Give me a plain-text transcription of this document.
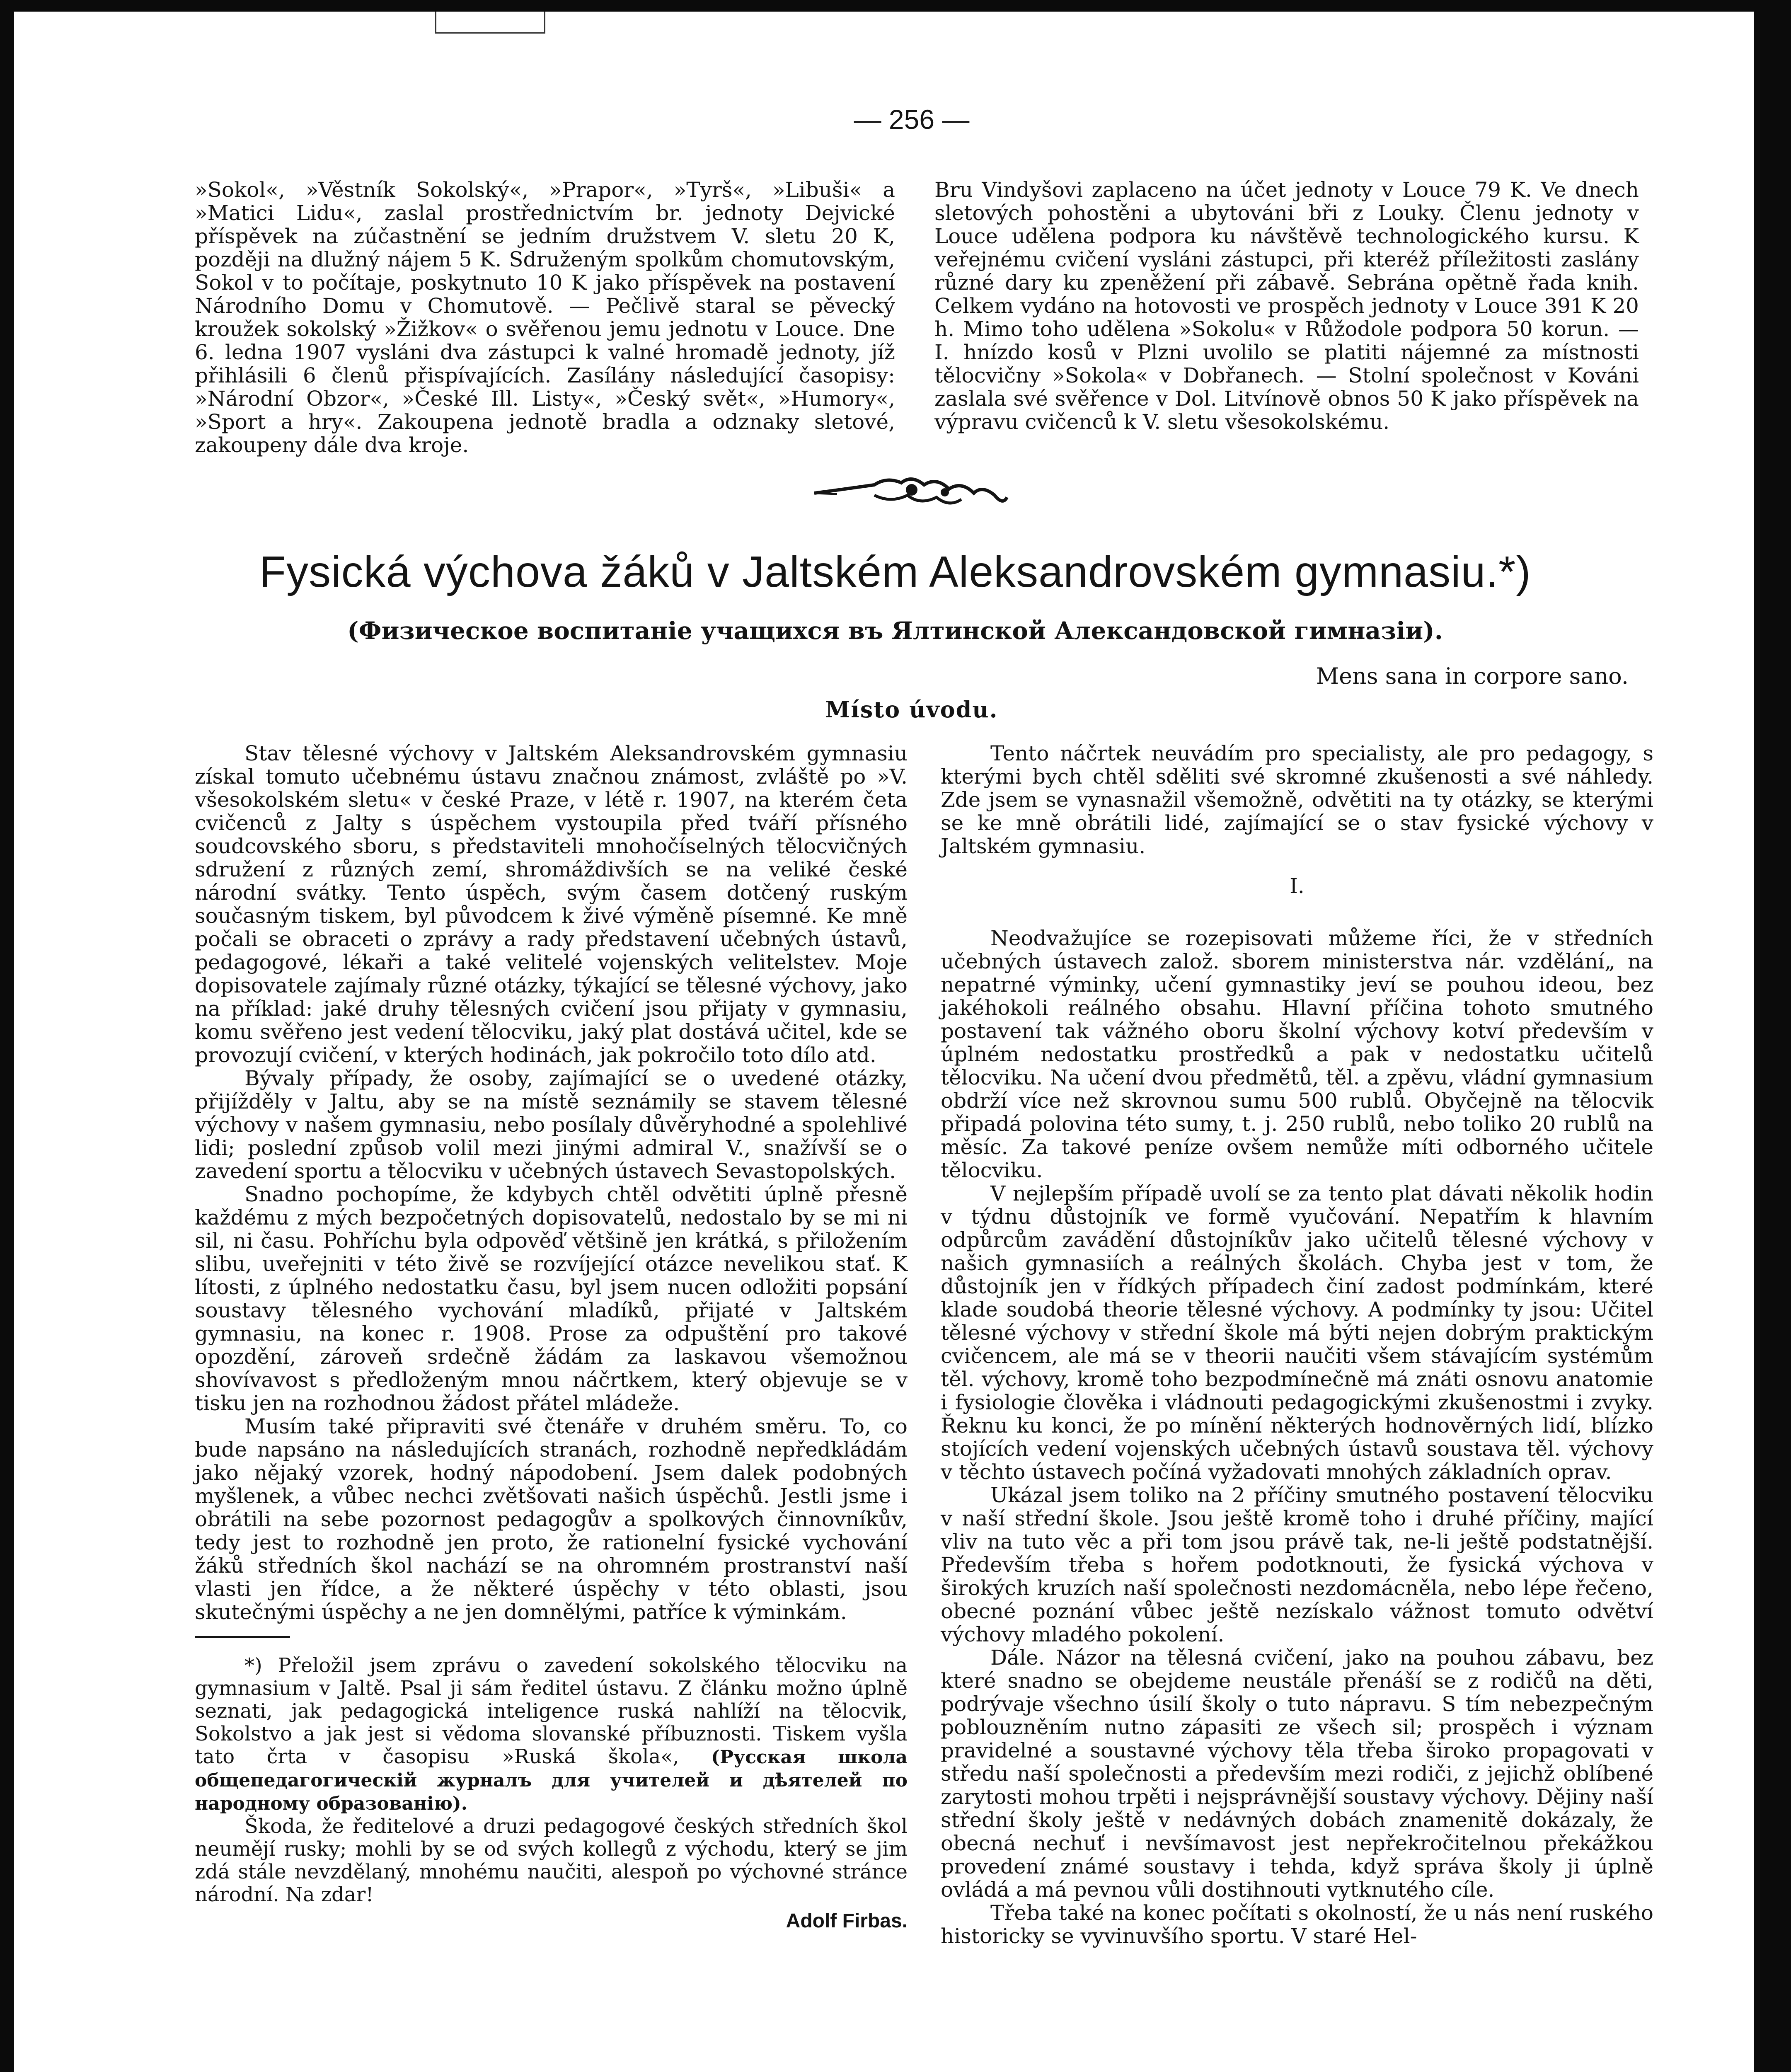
— 256 —

»Sokol«, »Věstník Sokolský«, »Prapor«, »Tyrš«, »Libuši« a »Matici Lidu«, zaslal prostřednictvím br. jednoty Dejvické příspěvek na zúčastnění se jedním družstvem V. sletu 20 K, později na dlužný nájem 5 K. Sdruženým spolkům chomutovským, Sokol v to počítaje, poskytnuto 10 K jako příspěvek na postavení Národního Domu v Chomutově. — Pečlivě staral se pěvecký kroužek sokolský »Žižkov« o svěřenou jemu jednotu v Louce. Dne 6. ledna 1907 vysláni dva zástupci k valné hromadě jednoty, jíž přihlásili 6 členů přispívajících. Zasílány následující časopisy: »Národní Obzor«, »České Ill. Listy«, »Český svět«, »Humory«, »Sport a hry«. Zakoupena jednotě bradla a odznaky sletové, zakoupeny dále dva kroje.

Bru Vindyšovi zaplaceno na účet jednoty v Louce 79 K. Ve dnech sletových pohostěni a ubytováni bři z Louky. Členu jednoty v Louce udělena podpora ku návštěvě technologického kursu. K veřejnému cvičení vysláni zástupci, při kteréž příležitosti zaslány různé dary ku zpeněžení při zábavě. Sebrána opětně řada knih. Celkem vydáno na hotovosti ve prospěch jednoty v Louce 391 K 20 h. Mimo toho udělena »Sokolu« v Růžodole podpora 50 korun. — I. hnízdo kosů v Plzni uvolilo se platiti nájemné za místnosti tělocvičny »Sokola« v Dobřanech. — Stolní společnost v Kováni zaslala své svěřence v Dol. Litvínově obnos 50 K jako příspěvek na výpravu cvičenců k V. sletu všesokolskému.

Fysická výchova žáků v Jaltském Aleksandrovském gymnasiu.*)
(Физическое воспитаніе учащихся въ Ялтинской Александовской гимназіи).
Mens sana in corpore sano.
Místo úvodu.

Stav tělesné výchovy v Jaltském Aleksandrovském gymnasiu získal tomuto učebnému ústavu značnou známost, zvláště po »V. všesokolském sletu« v české Praze, v létě r. 1907, na kterém četa cvičenců z Jalty s úspěchem vystoupila před tváří přísného soudcovského sboru, s představiteli mnohočíselných tělocvičných sdružení z různých zemí, shromáždivších se na veliké české národní svátky. Tento úspěch, svým časem dotčený ruským současným tiskem, byl původcem k živé výměně písemné. Ke mně počali se obraceti o zprávy a rady představení učebných ústavů, pedagogové, lékaři a také velitelé vojenských velitelstev. Moje dopisovatele zajímaly různé otázky, týkající se tělesné výchovy, jako na příklad: jaké druhy tělesných cvičení jsou přijaty v gymnasiu, komu svěřeno jest vedení tělocviku, jaký plat dostává učitel, kde se provozují cvičení, v kterých hodinách, jak pokročilo toto dílo atd.

Bývaly případy, že osoby, zajímající se o uvedené otázky, přijížděly v Jaltu, aby se na místě seznámily se stavem tělesné výchovy v našem gymnasiu, nebo posílaly důvěryhodné a spolehlivé lidi; poslední způsob volil mezi jinými admiral V., snažívší se o zavedení sportu a tělocviku v učebných ústavech Sevastopolských.

Snadno pochopíme, že kdybych chtěl odvětiti úplně přesně každému z mých bezpočetných dopisovatelů, nedostalo by se mi ni sil, ni času. Pohříchu byla odpověď většině jen krátká, s přiložením slibu, uveřejniti v této živě se rozvíjející otázce nevelikou stať. K lítosti, z úplného nedostatku času, byl jsem nucen odložiti popsání soustavy tělesného vychování mladíků, přijaté v Jaltském gymnasiu, na konec r. 1908. Prose za odpuštění pro takové opozdění, zároveň srdečně žádám za laskavou všemožnou shovívavost s předloženým mnou náčrtkem, který objevuje se v tisku jen na rozhodnou žádost přátel mládeže.

Musím také připraviti své čtenáře v druhém směru. To, co bude napsáno na následujících stranách, rozhodně nepředkládám jako nějaký vzorek, hodný nápodobení. Jsem dalek podobných myšlenek, a vůbec nechci zvětšovati našich úspěchů. Jestli jsme i obrátili na sebe pozornost pedagogův a spolkových činnovníkův, tedy jest to rozhodně jen proto, že rationelní fysické vychování žáků středních škol nachází se na ohromném prostranství naší vlasti jen řídce, a že některé úspěchy v této oblasti, jsou skutečnými úspěchy a ne jen domnělými, patříce k výminkám.

*) Přeložil jsem zprávu o zavedení sokolského tělocviku na gymnasium v Jaltě. Psal ji sám ředitel ústavu. Z článku možno úplně seznati, jak pedagogická inteligence ruská nahlíží na tělocvik, Sokolstvo a jak jest si vědoma slovanské příbuznosti. Tiskem vyšla tato črta v časopisu »Ruská škola«, (Русская школа общепедагогическій журналъ для учителей и дѣятелей по народному образованію).

Škoda, že ředitelové a druzi pedagogové českých středních škol neumějí rusky; mohli by se od svých kollegů z východu, který se jim zdá stále nevzdělaný, mnohému naučiti, alespoň po výchovné stránce národní. Na zdar!

Adolf Firbas.

Tento náčrtek neuvádím pro specialisty, ale pro pedagogy, s kterými bych chtěl sděliti své skromné zkušenosti a své náhledy. Zde jsem se vynasnažil všemožně, odvětiti na ty otázky, se kterými se ke mně obrátili lidé, zajímající se o stav fysické výchovy v Jaltském gymnasiu.

I.

Neodvažujíce se rozepisovati můžeme říci, že v středních učebných ústavech založ. sborem ministerstva nár. vzdělání„ na nepatrné výminky, učení gymnastiky jeví se pouhou ideou, bez jakéhokoli reálného obsahu. Hlavní příčina tohoto smutného postavení tak vážného oboru školní výchovy kotví především v úplném nedostatku prostředků a pak v nedostatku učitelů tělocviku. Na učení dvou předmětů, těl. a zpěvu, vládní gymnasium obdrží více než skrovnou sumu 500 rublů. Obyčejně na tělocvik připadá polovina této sumy, t. j. 250 rublů, nebo toliko 20 rublů na měsíc. Za takové peníze ovšem nemůže míti odborného učitele tělocviku.

V nejlepším případě uvolí se za tento plat dávati několik hodin v týdnu důstojník ve formě vyučování. Nepatřím k hlavním odpůrcům zavádění důstojníkův jako učitelů tělesné výchovy v našich gymnasiích a reálných školách. Chyba jest v tom, že důstojník jen v řídkých případech činí zadost podmínkám, které klade soudobá theorie tělesné výchovy. A podmínky ty jsou: Učitel tělesné výchovy v střední škole má býti nejen dobrým praktickým cvičencem, ale má se v theorii naučiti všem stávajícím systémům těl. výchovy, kromě toho bezpodmínečně má znáti osnovu anatomie i fysiologie člověka i vládnouti pedagogickými zkušenostmi i zvyky. Řeknu ku konci, že po mínění některých hodnověrných lidí, blízko stojících vedení vojenských učebných ústavů soustava těl. výchovy v těchto ústavech počíná vyžadovati mnohých základních oprav.

Ukázal jsem toliko na 2 příčiny smutného postavení tělocviku v naší střední škole. Jsou ještě kromě toho i druhé příčiny, mající vliv na tuto věc a při tom jsou právě tak, ne-li ještě podstatnější. Především třeba s hořem podotknouti, že fysická výchova v širokých kruzích naší společnosti nezdomácněla, nebo lépe řečeno, obecné poznání vůbec ještě nezískalo vážnost tomuto odvětví výchovy mladého pokolení.

Dále. Názor na tělesná cvičení, jako na pouhou zábavu, bez které snadno se obejdeme neustále přenáší se z rodičů na děti, podrývaje všechno úsilí školy o tuto nápravu. S tím nebezpečným poblouzněním nutno zápasiti ze všech sil; prospěch i význam pravidelné a soustavné výchovy těla třeba široko propagovati v středu naší společnosti a především mezi rodiči, z jejichž oblíbené zarytosti mohou trpěti i nejsprávnější soustavy výchovy. Dějiny naší střední školy ještě v nedávných dobách znamenitě dokázaly, že obecná nechuť i nevšímavost jest nepřekročitelnou překážkou provedení známé soustavy i tehda, když správa školy ji úplně ovládá a má pevnou vůli dostihnouti vytknutého cíle.

Třeba také na konec počítati s okolností, že u nás není ruského historicky se vyvinuvšího sportu. V staré Hel-
